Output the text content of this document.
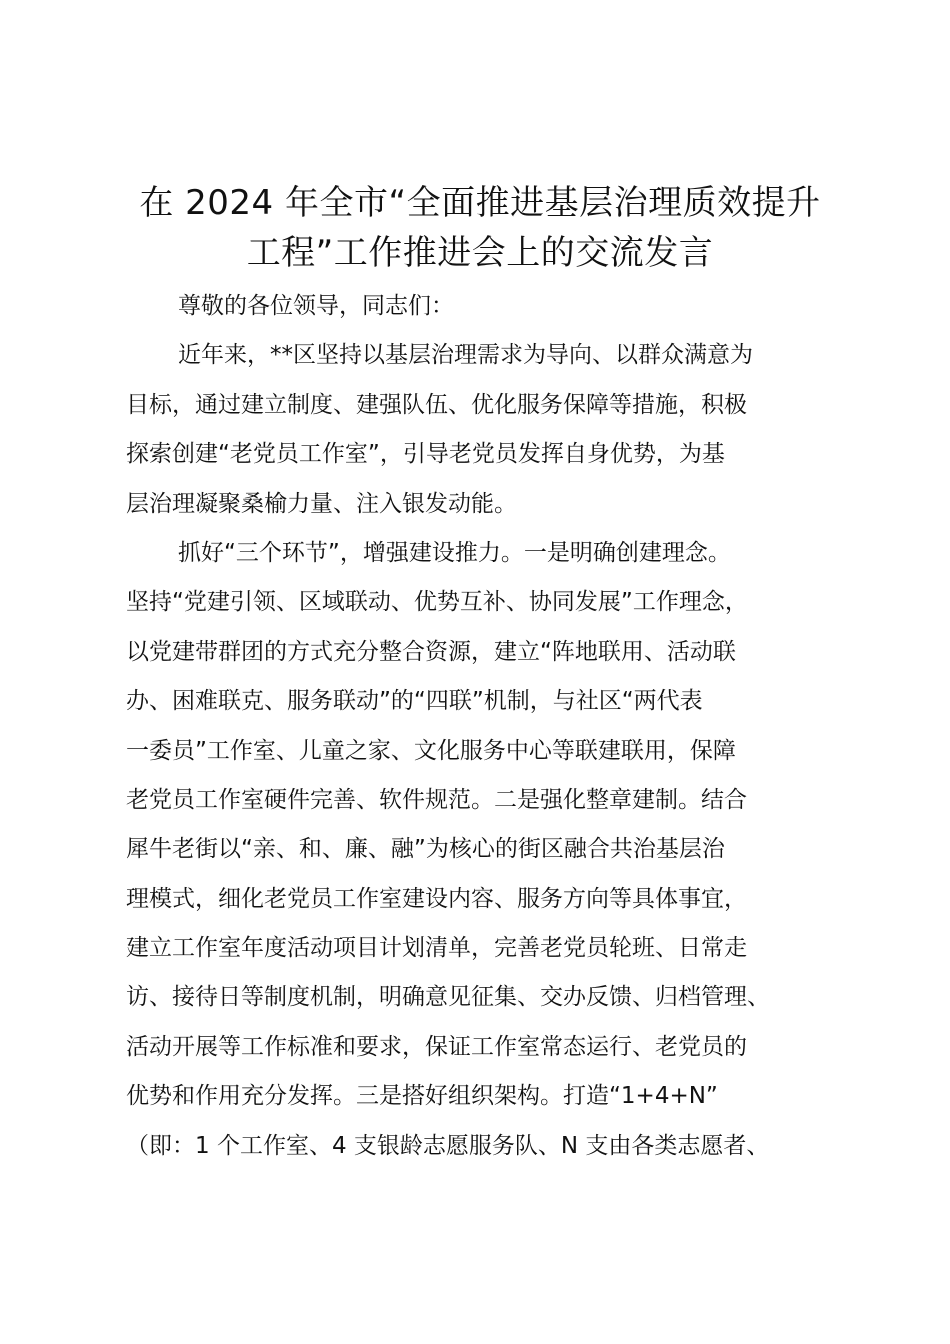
在 2024 年全市“全面推进基层治理质效提升
工程”工作推进会上的交流发言
尊敬的各位领导，同志们：
近年来，**区坚持以基层治理需求为导向、以群众满意为
目标，通过建立制度、建强队伍、优化服务保障等措施，积极
探索创建“老党员工作室”，引导老党员发挥自身优势，为基
层治理凝聚桑榆力量、注入银发动能。
抓好“三个环节”，增强建设推力。一是明确创建理念。
坚持“党建引领、区域联动、优势互补、协同发展”工作理念，
以党建带群团的方式充分整合资源，建立“阵地联用、活动联
办、困难联克、服务联动”的“四联”机制，与社区“两代表
一委员”工作室、儿童之家、文化服务中心等联建联用，保障
老党员工作室硬件完善、软件规范。二是强化整章建制。结合
犀牛老街以“亲、和、廉、融”为核心的街区融合共治基层治
理模式，细化老党员工作室建设内容、服务方向等具体事宜，
建立工作室年度活动项目计划清单，完善老党员轮班、日常走
访、接待日等制度机制，明确意见征集、交办反馈、归档管理、
活动开展等工作标准和要求，保证工作室常态运行、老党员的
优势和作用充分发挥。三是搭好组织架构。打造“1+4+N”
（即：1 个工作室、4 支银龄志愿服务队、N 支由各类志愿者、
